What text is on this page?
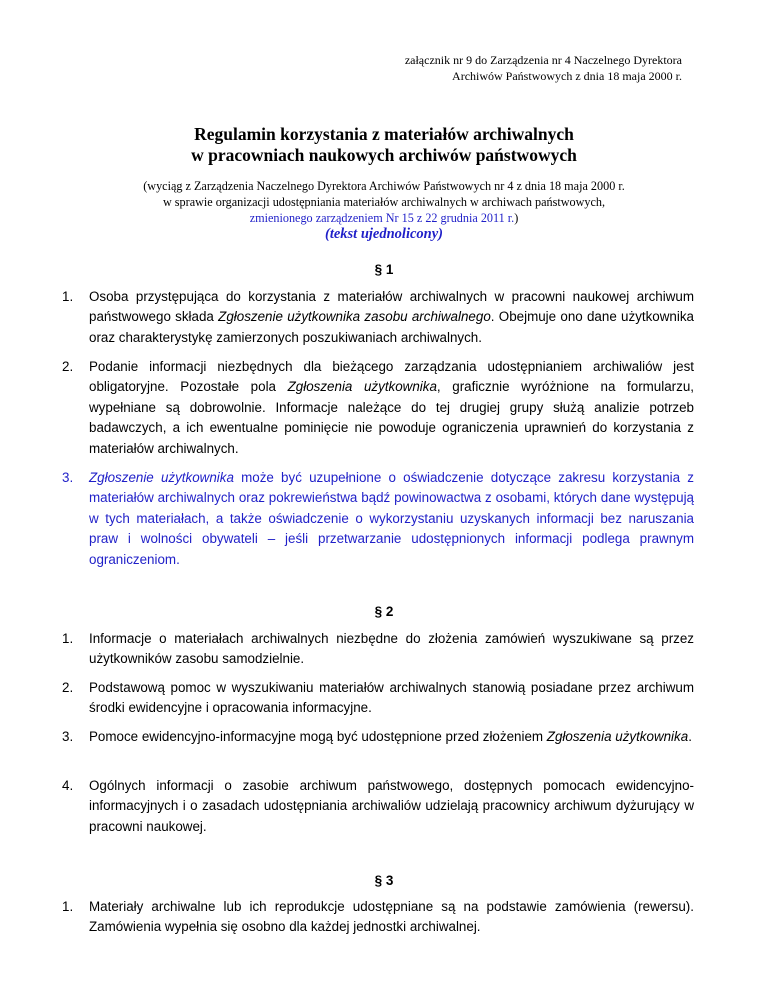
załącznik nr 9 do Zarządzenia nr 4 Naczelnego Dyrektora
Archiwów Państwowych z dnia 18 maja 2000 r.
Regulamin korzystania z materiałów archiwalnych
w pracowniach naukowych archiwów państwowych
(wyciąg z Zarządzenia Naczelnego Dyrektora Archiwów Państwowych nr 4 z dnia 18 maja 2000 r.
w sprawie organizacji udostępniania materiałów archiwalnych w archiwach państwowych,
zmienionego zarządzeniem Nr 15 z 22 grudnia 2011 r.)
(tekst ujednolicony)
§ 1
1. Osoba przystępująca do korzystania z materiałów archiwalnych w pracowni naukowej archiwum państwowego składa Zgłoszenie użytkownika zasobu archiwalnego. Obejmuje ono dane użytkownika oraz charakterystykę zamierzonych poszukiwaniach archiwalnych.
2. Podanie informacji niezbędnych dla bieżącego zarządzania udostępnianiem archiwaliów jest obligatoryjne. Pozostałe pola Zgłoszenia użytkownika, graficznie wyróżnione na formularzu, wypełniane są dobrowolnie. Informacje należące do tej drugiej grupy służą analizie potrzeb badawczych, a ich ewentualne pominięcie nie powoduje ograniczenia uprawnień do korzystania z materiałów archiwalnych.
3. Zgłoszenie użytkownika może być uzupełnione o oświadczenie dotyczące zakresu korzystania z materiałów archiwalnych oraz pokrewieństwa bądź powinowactwa z osobami, których dane występują w tych materiałach, a także oświadczenie o wykorzystaniu uzyskanych informacji bez naruszania praw i wolności obywateli – jeśli przetwarzanie udostępnionych informacji podlega prawnym ograniczeniom.
§ 2
1. Informacje o materiałach archiwalnych niezbędne do złożenia zamówień wyszukiwane są przez użytkowników zasobu samodzielnie.
2. Podstawową pomoc w wyszukiwaniu materiałów archiwalnych stanowią posiadane przez archiwum środki ewidencyjne i opracowania informacyjne.
3. Pomoce ewidencyjno-informacyjne mogą być udostępnione przed złożeniem Zgłoszenia użytkownika.
4. Ogólnych informacji o zasobie archiwum państwowego, dostępnych pomocach ewidencyjno-informacyjnych i o zasadach udostępniania archiwaliów udzielają pracownicy archiwum dyżurujący w pracowni naukowej.
§ 3
1. Materiały archiwalne lub ich reprodukcje udostępniane są na podstawie zamówienia (rewersu). Zamówienia wypełnia się osobno dla każdej jednostki archiwalnej.
